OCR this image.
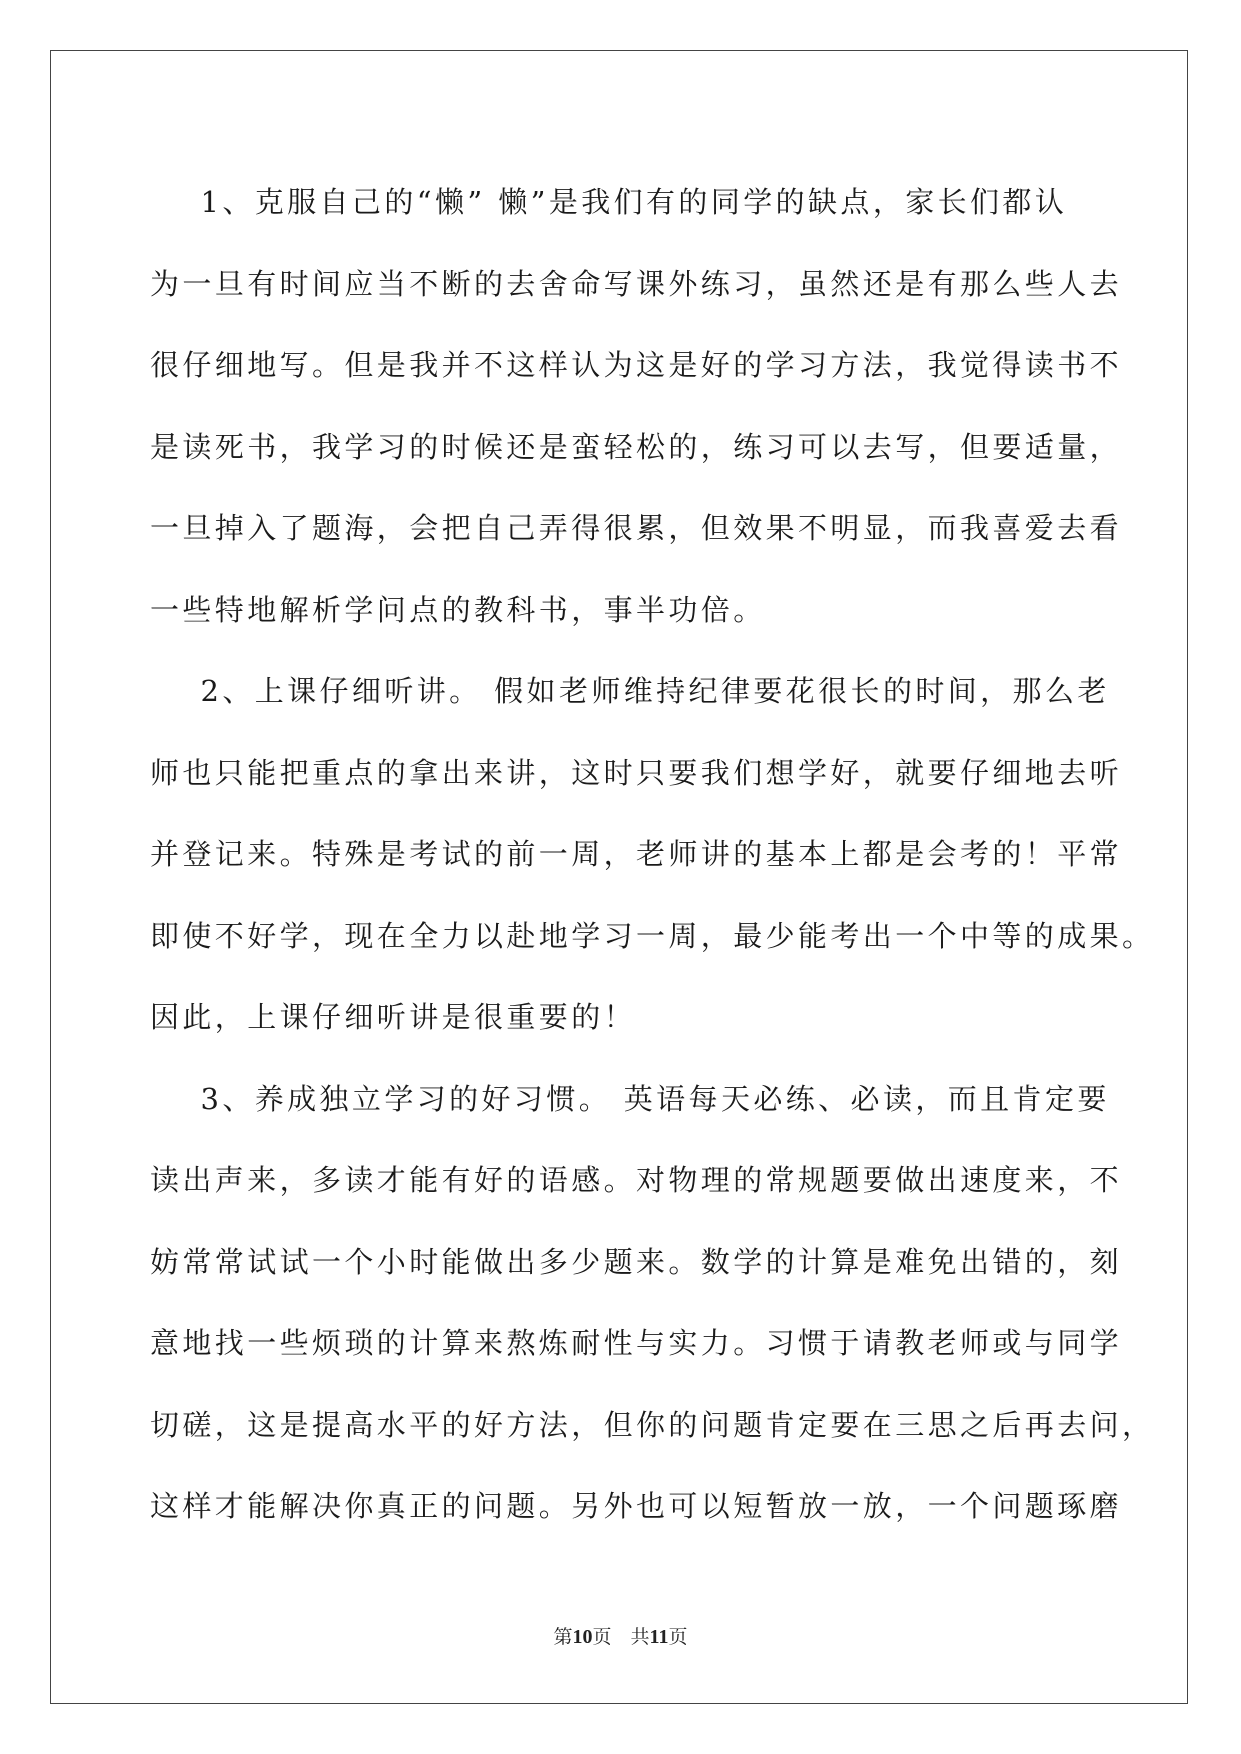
1、克服自己的“懒” 懒”是我们有的同学的缺点，家长们都认
为一旦有时间应当不断的去舍命写课外练习，虽然还是有那么些人去
很仔细地写。但是我并不这样认为这是好的学习方法，我觉得读书不
是读死书，我学习的时候还是蛮轻松的，练习可以去写，但要适量，
一旦掉入了题海，会把自己弄得很累，但效果不明显，而我喜爱去看
一些特地解析学问点的教科书，事半功倍。
2、上课仔细听讲。 假如老师维持纪律要花很长的时间，那么老
师也只能把重点的拿出来讲，这时只要我们想学好，就要仔细地去听
并登记来。特殊是考试的前一周，老师讲的基本上都是会考的！平常
即使不好学，现在全力以赴地学习一周，最少能考出一个中等的成果。
因此，上课仔细听讲是很重要的！
3、养成独立学习的好习惯。 英语每天必练、必读，而且肯定要
读出声来，多读才能有好的语感。对物理的常规题要做出速度来，不
妨常常试试一个小时能做出多少题来。数学的计算是难免出错的，刻
意地找一些烦琐的计算来熬炼耐性与实力。习惯于请教老师或与同学
切磋，这是提高水平的好方法，但你的问题肯定要在三思之后再去问，
这样才能解决你真正的问题。另外也可以短暂放一放，一个问题琢磨
第10页　共11页
